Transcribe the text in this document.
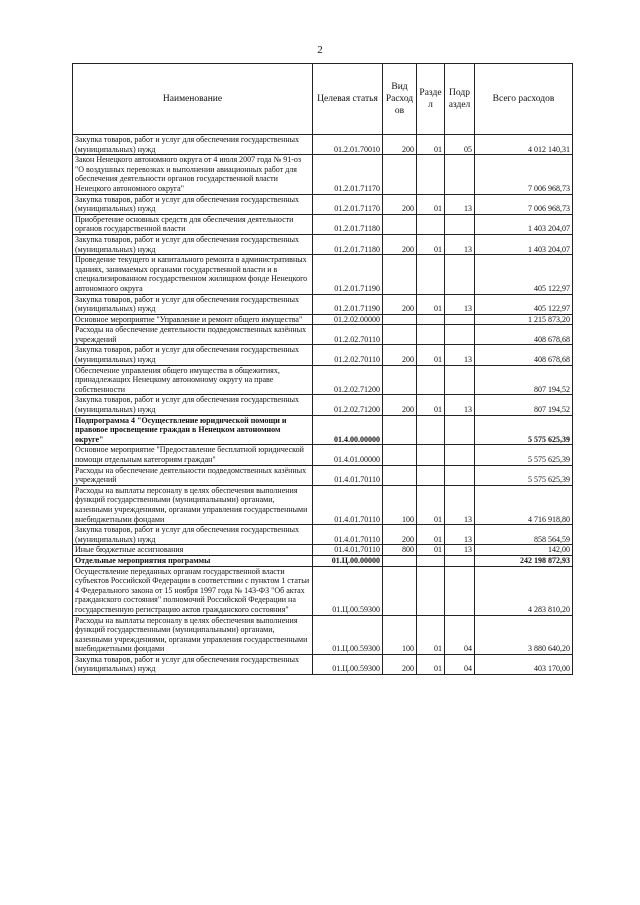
2
Наименование	Целевая статья	Вид Расход ов	Разде л	Подр аздел	Всего расходов
Закупка товаров, работ и услуг для обеспечения государственных (муниципальных) нужд	01.2.01.70010	200	01	05	4 012 140,31
Закон Ненецкого автономного округа от 4 июля 2007 года № 91-оз "О воздушных перевозках и выполнении авиационных работ для обеспечения деятельности органов государственной власти Ненецкого автономного округа"	01.2.01.71170				7 006 968,73
Закупка товаров, работ и услуг для обеспечения государственных (муниципальных) нужд	01.2.01.71170	200	01	13	7 006 968,73
Приобретение основных средств для обеспечения деятельности органов государственной власти	01.2.01.71180				1 403 204,07
Закупка товаров, работ и услуг для обеспечения государственных (муниципальных) нужд	01.2.01.71180	200	01	13	1 403 204,07
Проведение текущего и капитального ремонта в административных зданиях, занимаемых органами государственной власти и в специализированном государственном жилищном фонде Ненецкого автономного округа	01.2.01.71190				405 122,97
Закупка товаров, работ и услуг для обеспечения государственных (муниципальных) нужд	01.2.01.71190	200	01	13	405 122,97
Основное мероприятие "Управление и ремонт общего имущества"	01.2.02.00000				1 215 873,20
Расходы на обеспечение деятельности подведомственных казённых учреждений	01.2.02.70110				408 678,68
Закупка товаров, работ и услуг для обеспечения государственных (муниципальных) нужд	01.2.02.70110	200	01	13	408 678,68
Обеспечение управления общего имущества в общежитиях, принадлежащих Ненецкому автономному округу на праве собственности	01.2.02.71200				807 194,52
Закупка товаров, работ и услуг для обеспечения государственных (муниципальных) нужд	01.2.02.71200	200	01	13	807 194,52
Подпрограмма 4 "Осуществление юридической помощи и правовое просвещение граждан в Ненецком автономном округе"	01.4.00.00000				5 575 625,39
Основное мероприятие "Предоставление бесплатной юридической помощи отдельным категориям граждан"	01.4.01.00000				5 575 625,39
Расходы на обеспечение деятельности подведомственных казённых учреждений	01.4.01.70110				5 575 625,39
Расходы на выплаты персоналу в целях обеспечения выполнения функций государственными (муниципальными) органами, казенными учреждениями, органами управления государственными внебюджетными фондами	01.4.01.70110	100	01	13	4 716 918,80
Закупка товаров, работ и услуг для обеспечения государственных (муниципальных) нужд	01.4.01.70110	200	01	13	858 564,59
Иные бюджетные ассигнования	01.4.01.70110	800	01	13	142,00
Отдельные мероприятия программы	01.Ц.00.00000				242 198 872,93
Осуществление переданных органам государственной власти субъектов Российской Федерации в соответствии с пунктом 1 статьи 4 Федерального закона от 15 ноября 1997 года № 143-ФЗ "Об актах гражданского состояния" полномочий Российской Федерации на государственную регистрацию актов гражданского состояния"	01.Ц.00.59300				4 283 810,20
Расходы на выплаты персоналу в целях обеспечения выполнения функций государственными (муниципальными) органами, казенными учреждениями, органами управления государственными внебюджетными фондами	01.Ц.00.59300	100	01	04	3 880 640,20
Закупка товаров, работ и услуг для обеспечения государственных (муниципальных) нужд	01.Ц.00.59300	200	01	04	403 170,00
